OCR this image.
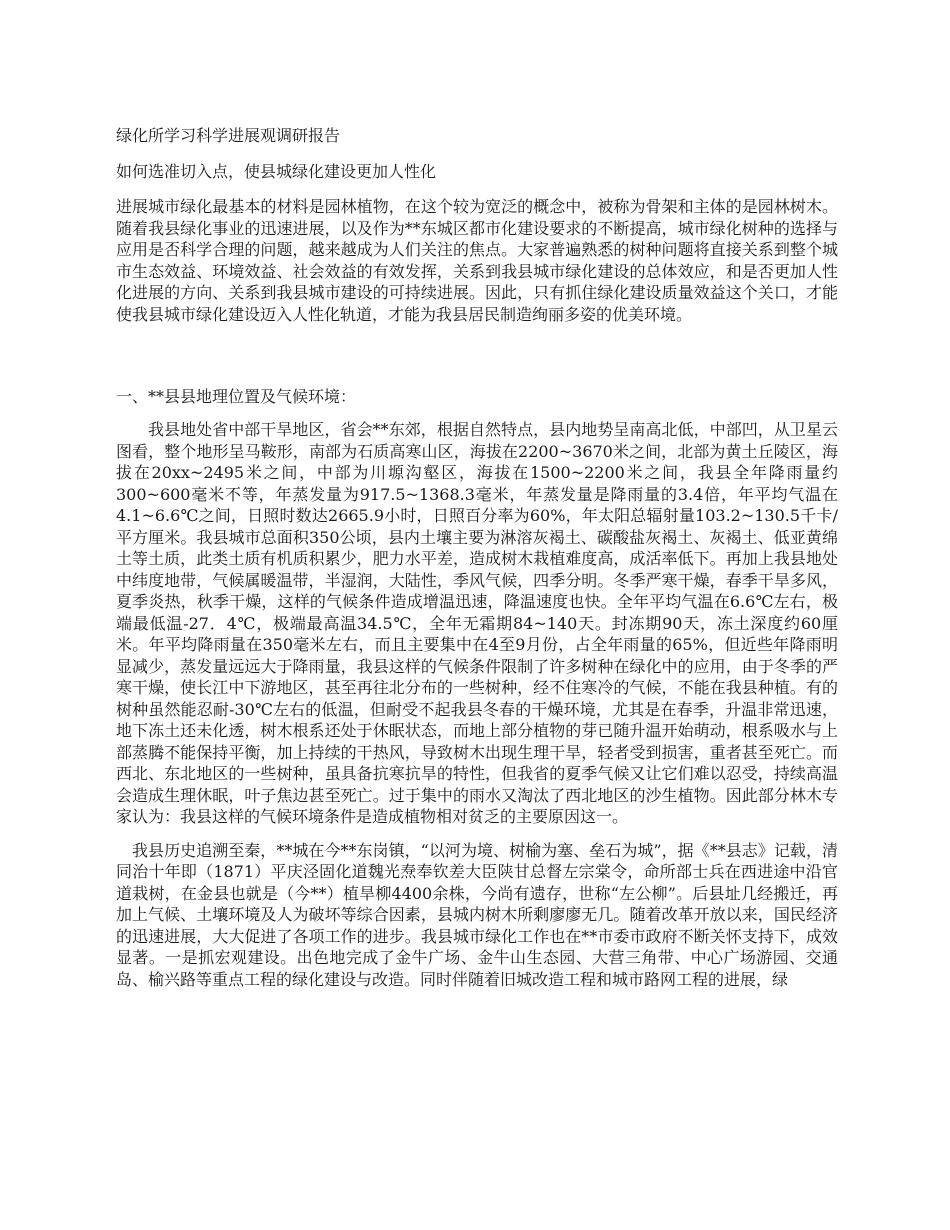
绿化所学习科学进展观调研报告

如何选准切入点，使县城绿化建设更加人性化

进展城市绿化最基本的材料是园林植物，在这个较为宽泛的概念中，被称为骨架和主体的是园林树木。随着我县绿化事业的迅速进展，以及作为**东城区都市化建设要求的不断提高，城市绿化树种的选择与应用是否科学合理的问题，越来越成为人们关注的焦点。大家普遍熟悉的树种问题将直接关系到整个城市生态效益、环境效益、社会效益的有效发挥，关系到我县城市绿化建设的总体效应，和是否更加人性化进展的方向、关系到我县城市建设的可持续进展。因此，只有抓住绿化建设质量效益这个关口，才能使我县城市绿化建设迈入人性化轨道，才能为我县居民制造绚丽多姿的优美环境。

一、**县县地理位置及气候环境：

我县地处省中部干旱地区，省会**东郊，根据自然特点，县内地势呈南高北低，中部凹，从卫星云图看，整个地形呈马鞍形，南部为石质高寒山区，海拔在2200~3670米之间，北部为黄土丘陵区，海拔在20xx~2495米之间，中部为川塬沟壑区，海拔在1500~2200米之间，我县全年降雨量约300~600毫米不等，年蒸发量为917.5~1368.3毫米，年蒸发量是降雨量的3.4倍，年平均气温在4.1~6.6℃之间，日照时数达2665.9小时，日照百分率为60%，年太阳总辐射量103.2~130.5千卡/平方厘米。我县城市总面积350公顷，县内土壤主要为淋溶灰褐土、碳酸盐灰褐土、灰褐土、低亚黄绵土等土质，此类土质有机质积累少，肥力水平差，造成树木栽植难度高，成活率低下。再加上我县地处中纬度地带，气候属暖温带，半湿润，大陆性，季风气候，四季分明。冬季严寒干燥，春季干旱多风，夏季炎热，秋季干燥，这样的气候条件造成增温迅速，降温速度也快。全年平均气温在6.6℃左右，极端最低温-27．4℃，极端最高温34.5℃，全年无霜期84~140天。封冻期90天，冻土深度约60厘米。年平均降雨量在350毫米左右，而且主要集中在4至9月份，占全年雨量的65%，但近些年降雨明显减少，蒸发量远远大于降雨量，我县这样的气候条件限制了许多树种在绿化中的应用，由于冬季的严寒干燥，使长江中下游地区，甚至再往北分布的一些树种，经不住寒冷的气候，不能在我县种植。有的树种虽然能忍耐-30℃左右的低温，但耐受不起我县冬春的干燥环境，尤其是在春季，升温非常迅速，地下冻土还未化透，树木根系还处于休眠状态，而地上部分植物的芽已随升温开始萌动，根系吸水与上部蒸腾不能保持平衡，加上持续的干热风，导致树木出现生理干旱，轻者受到损害，重者甚至死亡。而西北、东北地区的一些树种，虽具备抗寒抗旱的特性，但我省的夏季气候又让它们难以忍受，持续高温会造成生理休眠，叶子焦边甚至死亡。过于集中的雨水又淘汰了西北地区的沙生植物。因此部分林木专家认为：我县这样的气候环境条件是造成植物相对贫乏的主要原因这一。

我县历史追溯至秦，**城在今**东岗镇，“以河为境、树榆为塞、垒石为城”，据《**县志》记载，清同治十年即（1871）平庆泾固化道魏光焘奉钦差大臣陕甘总督左宗棠令，命所部士兵在西进途中沿官道栽树，在金县也就是（今**）植旱柳4400余株，今尚有遗存，世称“左公柳”。后县址几经搬迁，再加上气候、土壤环境及人为破坏等综合因素，县城内树木所剩廖廖无几。随着改革开放以来，国民经济的迅速进展，大大促进了各项工作的进步。我县城市绿化工作也在**市委市政府不断关怀支持下，成效显著。一是抓宏观建设。出色地完成了金牛广场、金牛山生态园、大营三角带、中心广场游园、交通岛、榆兴路等重点工程的绿化建设与改造。同时伴随着旧城改造工程和城市路网工程的进展，绿
